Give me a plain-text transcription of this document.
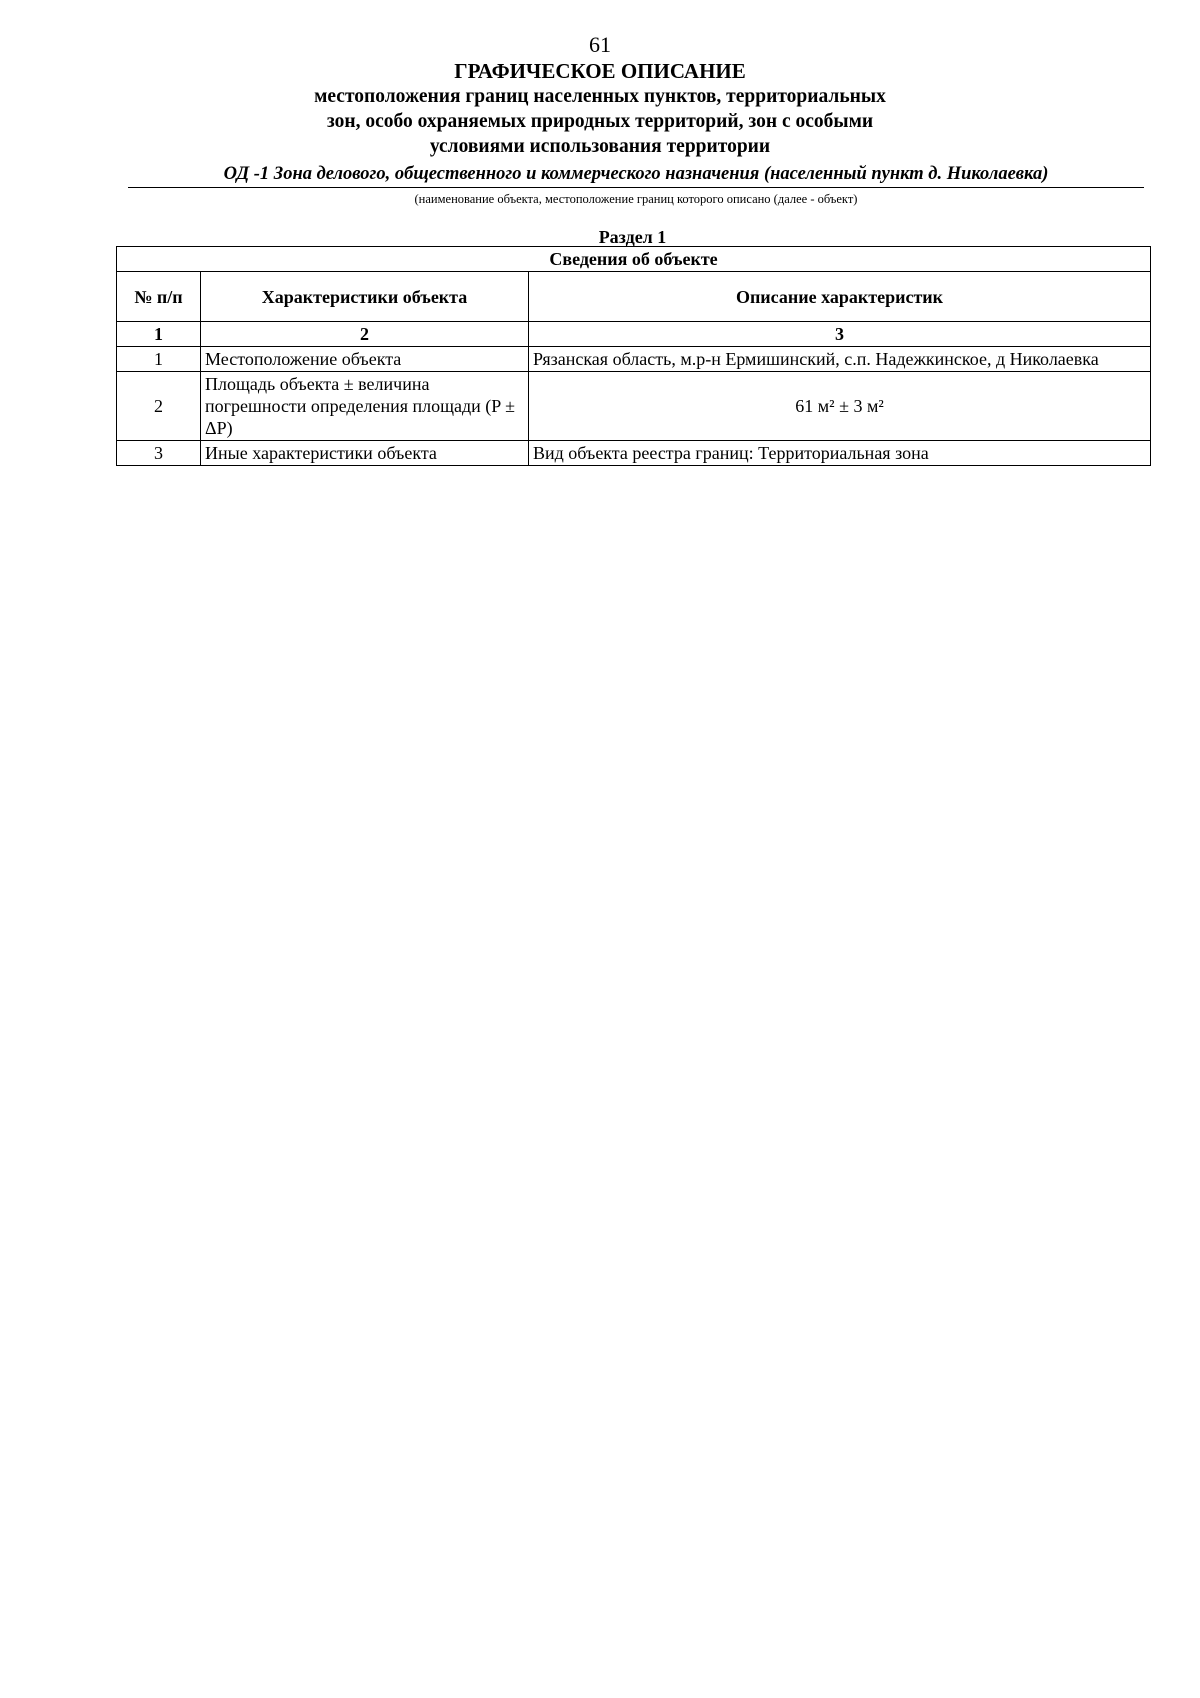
61
ГРАФИЧЕСКОЕ ОПИСАНИЕ
местоположения границ населенных пунктов, территориальных
зон, особо охраняемых природных территорий, зон с особыми
условиями использования территории
ОД -1 Зона делового, общественного и коммерческого назначения (населенный пункт д. Николаевка)
(наименование объекта, местоположение границ которого описано (далее - объект)
Раздел 1
Сведения об объекте		
№ п/п	Характеристики объекта	Описание характеристик
1	2	3
1	Местоположение объекта	Рязанская область, м.р-н Ермишинский, с.п. Надежкинское, д Николаевка
2	Площадь объекта ± величина погрешности определения площади (P ± ΔP)	61 м² ± 3 м²
3	Иные характеристики объекта	Вид объекта реестра границ: Территориальная зона
